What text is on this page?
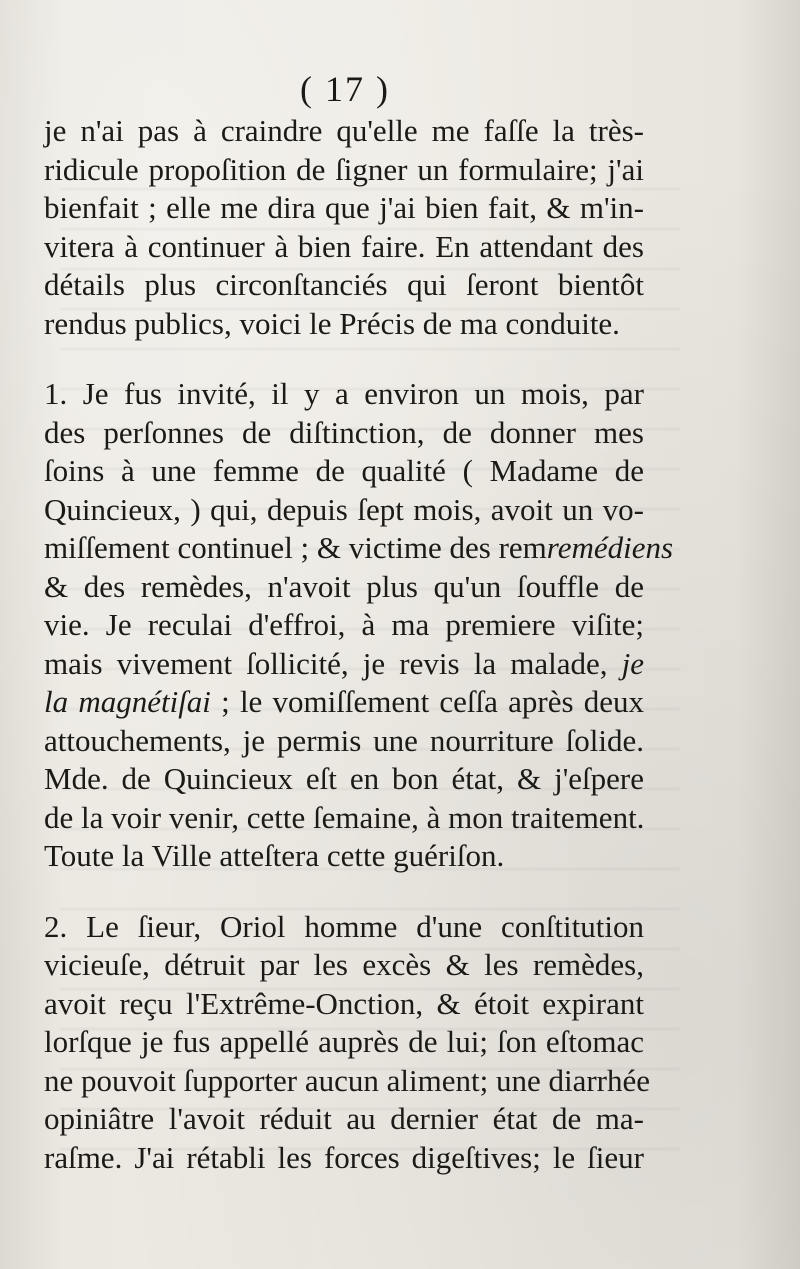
( 17 )
je n'ai pas à craindre qu'elle me faſſe la très-
ridicule propoſition de ſigner un formulaire; j'ai
bienfait ; elle me dira que j'ai bien fait, & m'in-
vitera à continuer à bien faire. En attendant des
détails plus circonſtanciés qui ſeront bientôt
rendus publics, voici le Précis de ma conduite.
1. Je fus invité, il y a environ un mois, par
des perſonnes de diſtinction, de donner mes
ſoins à une femme de qualité ( Madame de
Quincieux, ) qui, depuis ſept mois, avoit un vo-
miſſement continuel ; & victime des remremédiens
& des remèdes, n'avoit plus qu'un ſouffle de
vie. Je reculai d'effroi, à ma premiere viſite;
mais vivement ſollicité, je revis la malade, je
la magnétiſai ; le vomiſſement ceſſa après deux
attouchements, je permis une nourriture ſolide.
Mde. de Quincieux eſt en bon état, & j'eſpere
de la voir venir, cette ſemaine, à mon traitement.
Toute la Ville atteſtera cette guériſon.
2. Le ſieur, Oriol homme d'une conſtitution
vicieuſe, détruit par les excès & les remèdes,
avoit reçu l'Extrême-Onction, & étoit expirant
lorſque je fus appellé auprès de lui; ſon eſtomac
ne pouvoit ſupporter aucun aliment; une diarrhée
opiniâtre l'avoit réduit au dernier état de ma-
raſme. J'ai rétabli les forces digeſtives; le ſieur
